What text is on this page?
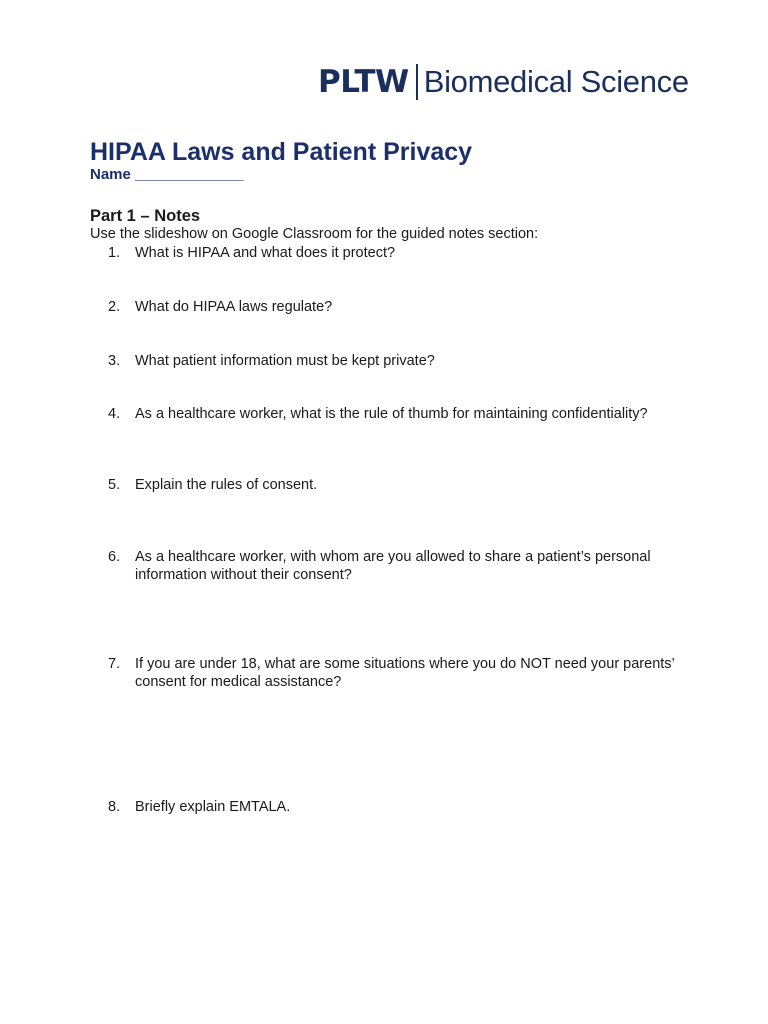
PLTW Biomedical Science
HIPAA Laws and Patient Privacy
Name _____________
Part 1 – Notes
Use the slideshow on Google Classroom for the guided notes section:
1.	What is HIPAA and what does it protect?
2.	What do HIPAA laws regulate?
3.	What patient information must be kept private?
4.	As a healthcare worker, what is the rule of thumb for maintaining confidentiality?
5.	Explain the rules of consent.
6.	As a healthcare worker, with whom are you allowed to share a patient’s personal information without their consent?
7.	If you are under 18, what are some situations where you do NOT need your parents’ consent for medical assistance?
8.	Briefly explain EMTALA.
